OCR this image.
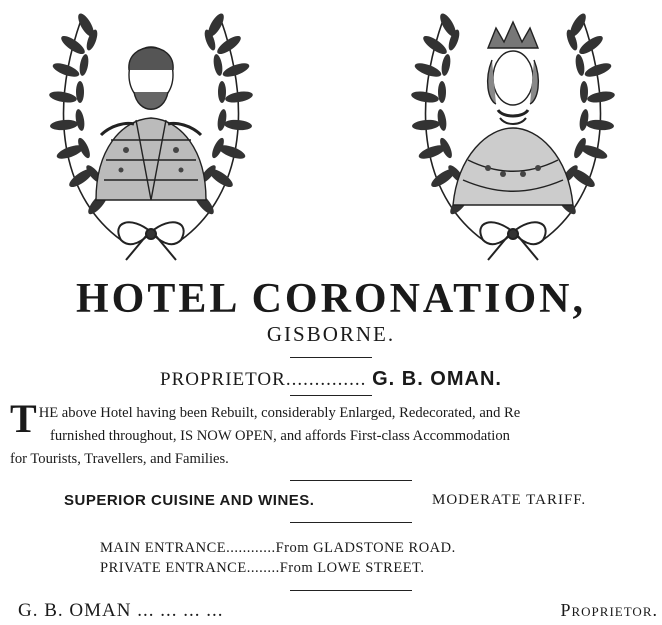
HOTEL CORONATION,
GISBORNE.
PROPRIETOR.............. G. B. OMAN.
T HE above Hotel having been Rebuilt, considerably Enlarged, Redecorated, and Re
furnished throughout, IS NOW OPEN, and affords First-class Accommodation
for Tourists, Travellers, and Families.
SUPERIOR CUISINE AND WINES.	MODERATE TARIFF.
MAIN ENTRANCE............From GLADSTONE ROAD.
PRIVATE ENTRANCE........From LOWE STREET.
G. B. OMAN ... ... ... ...	Proprietor.
